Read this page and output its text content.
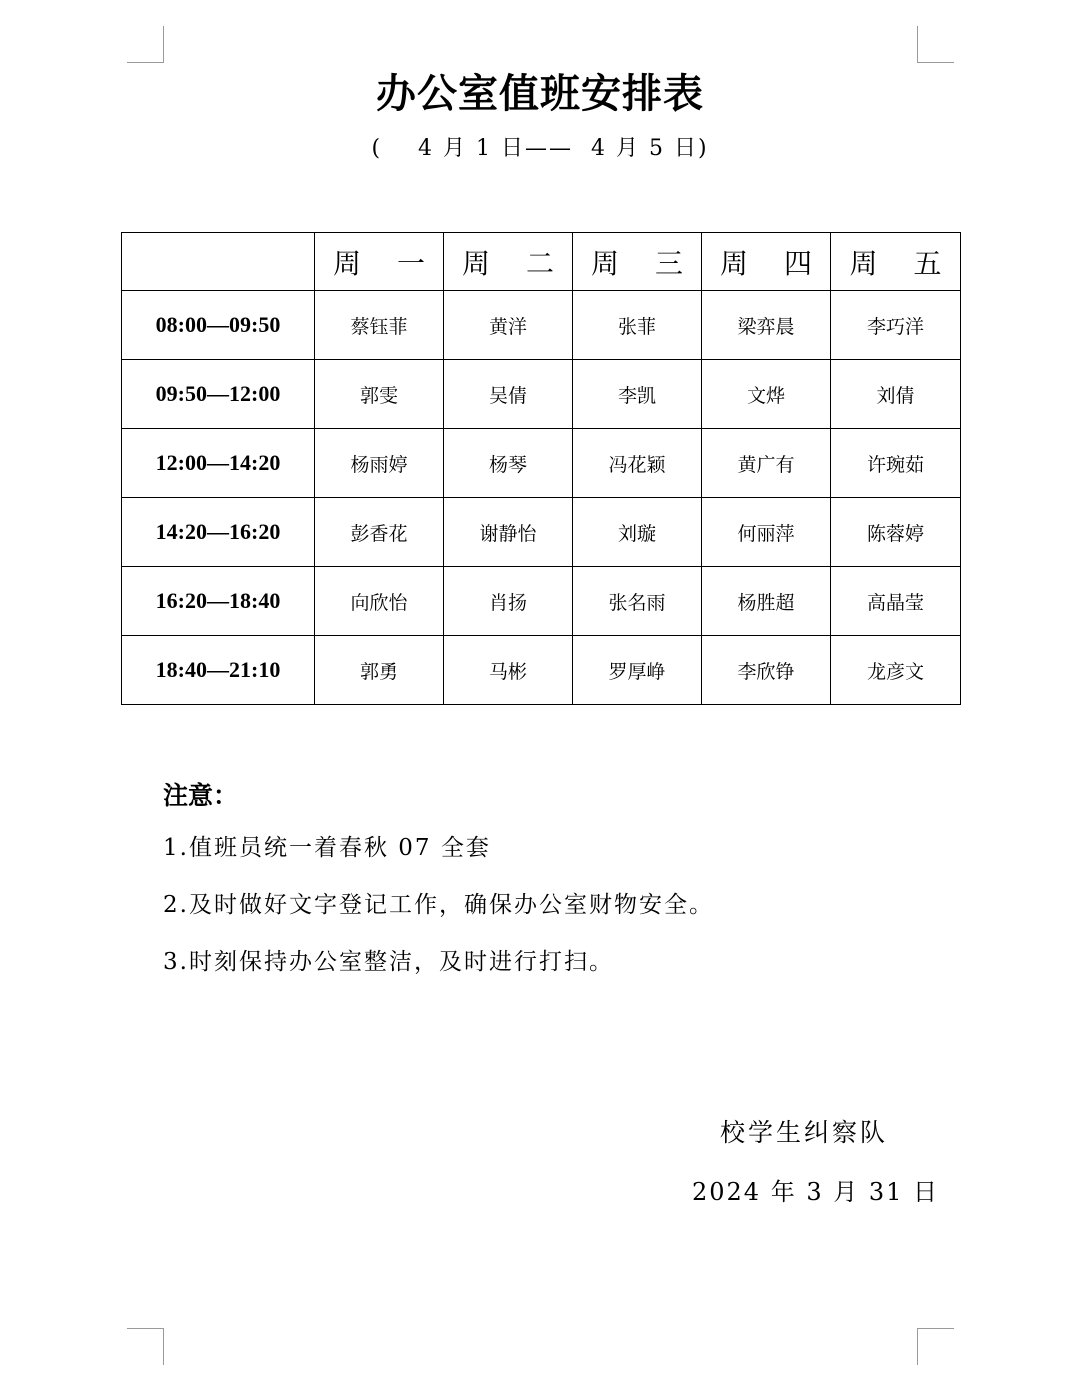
办公室值班安排表
(    4 月 1 日——  4 月 5 日)
	周 一	周 二	周 三	周 四	周 五
08:00—09:50	蔡钰菲	黄洋	张菲	梁弈晨	李巧洋
09:50—12:00	郭雯	吴倩	李凯	文烨	刘倩
12:00—14:20	杨雨婷	杨琴	冯花颖	黄广有	许琬茹
14:20—16:20	彭香花	谢静怡	刘璇	何丽萍	陈蓉婷
16:20—18:40	向欣怡	肖扬	张名雨	杨胜超	高晶莹
18:40—21:10	郭勇	马彬	罗厚峥	李欣铮	龙彦文
注意：
1.值班员统一着春秋 07 全套
2.及时做好文字登记工作，确保办公室财物安全。
3.时刻保持办公室整洁，及时进行打扫。
校学生纠察队
2024 年 3 月 31 日
